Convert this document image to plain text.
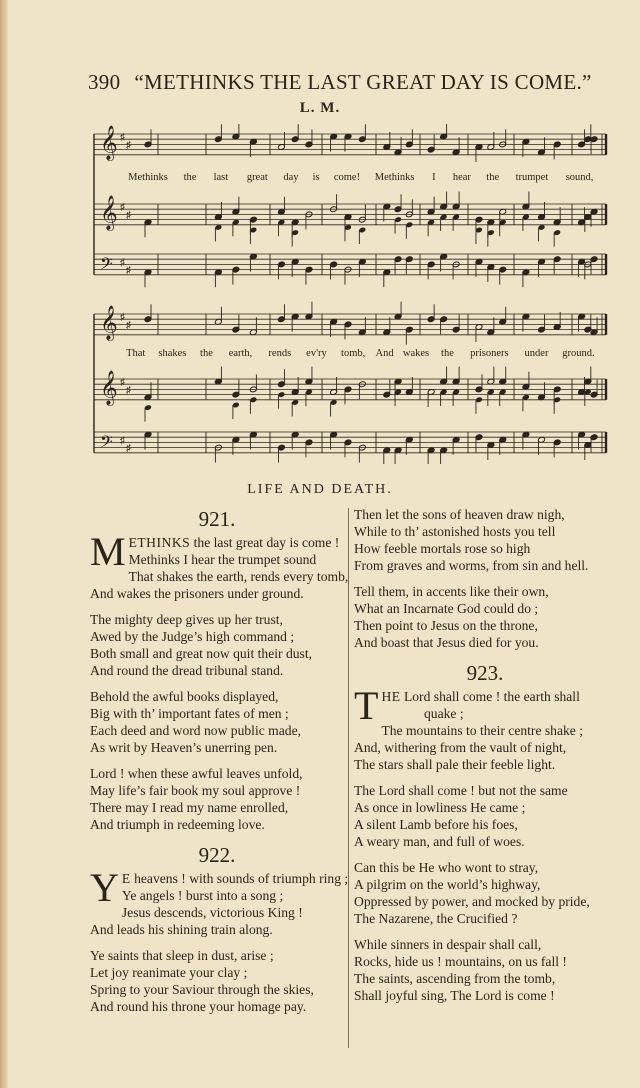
390 “METHINKS THE LAST GREAT DAY IS COME.”
L. M.
𝄞 ♯
♯
𝄞 ♯
♯
𝄢 ♯
♯
Methinks the last great day is come! Methinks I hear the trumpet sound,
𝄞 ♯
♯
𝄞 ♯
♯
𝄢 ♯
♯
That shakes the earth, rends ev'ry tomb, And wakes the prisoners under ground.
LIFE AND DEATH.
921.
M ETHINKS the last great day is come !
Methinks I hear the trumpet sound
That shakes the earth, rends every tomb,
And wakes the prisoners under ground.
The mighty deep gives up her trust,
Awed by the Judge’s high command ;
Both small and great now quit their dust,
And round the dread tribunal stand.
Behold the awful books displayed,
Big with th’ important fates of men ;
Each deed and word now public made,
As writ by Heaven’s unerring pen.
Lord ! when these awful leaves unfold,
May life’s fair book my soul approve !
There may I read my name enrolled,
And triumph in redeeming love.
922.
Y E heavens ! with sounds of triumph ring ;
Ye angels ! burst into a song ;
Jesus descends, victorious King !
And leads his shining train along.
Ye saints that sleep in dust, arise ;
Let joy reanimate your clay ;
Spring to your Saviour through the skies,
And round his throne your homage pay.
Then let the sons of heaven draw nigh,
While to th’ astonished hosts you tell
How feeble mortals rose so high
From graves and worms, from sin and hell.
Tell them, in accents like their own,
What an Incarnate God could do ;
Then point to Jesus on the throne,
And boast that Jesus died for you.
923.
T HE Lord shall come ! the earth shall
quake ;
The mountains to their centre shake ;
And, withering from the vault of night,
The stars shall pale their feeble light.
The Lord shall come ! but not the same
As once in lowliness He came ;
A silent Lamb before his foes,
A weary man, and full of woes.
Can this be He who wont to stray,
A pilgrim on the world’s highway,
Oppressed by power, and mocked by pride,
The Nazarene, the Crucified ?
While sinners in despair shall call,
Rocks, hide us ! mountains, on us fall !
The saints, ascending from the tomb,
Shall joyful sing, The Lord is come !
